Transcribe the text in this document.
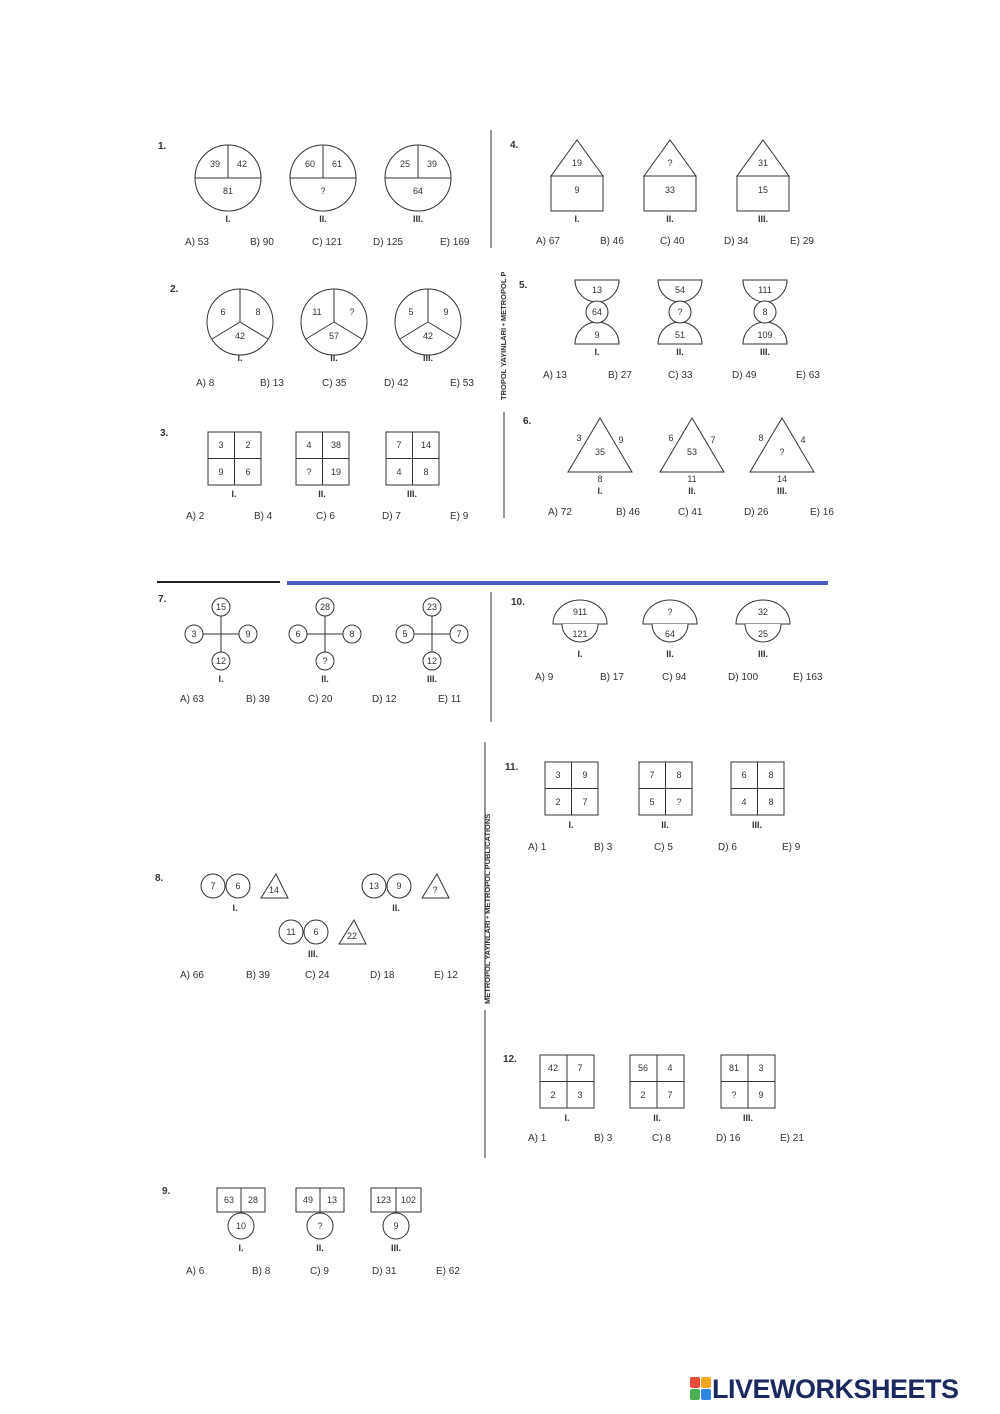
39 42
81
I.
60 61
?
II.
25 39
64
III.
6	8
42
I.
11	?
57
II.
5	9
42
III.
3 2
9 6
I.
4 38
? 19
II.
7 14
4 8
III.
19
9
I.
?
33
II.
31
15
III.
13
64
9
I.
54
?
51
II.
111
8
109
III.
3	9
35
8
I.
6	7
53
11
II.
8	4
?
14
III.
15
3	9
12
I.
28
6	8
?
II.
23
5	7
12
III.
7 6	14
I.
13 9	?
II.
11 6	22
III.
63 28
10
I.
49 13
?
II.
123 102
9
III.
911
121
I.
?
64
II.
32
25
III.
3 9
2 7
I.
7 8
5 ?
II.
6 8
4 8
III.
42 7
2 3
I.
56 4
2 7
II.
81 3
? 9
III.
1.
A) 53	B) 90	C) 121	D) 125	E) 169
2.
A) 8	B) 13	C) 35	D) 42	E) 53
3.
A) 2	B) 4	C) 6	D) 7	E) 9
4.
A) 67	B) 46	C) 40	D) 34	E) 29
5.
A) 13	B) 27	C) 33	D) 49	E) 63
6.
A) 72	B) 46	C) 41	D) 26	E) 16
7.
A) 63	B) 39	C) 20	D) 12	E) 11
8.
A) 66	B) 39	C) 24	D) 18	E) 12
9.
A) 6	B) 8	C) 9	D) 31	E) 62
10.
A) 9	B) 17	C) 94	D) 100	E) 163
11.
A) 1	B) 3	C) 5	D) 6	E) 9
12.
A) 1	B) 3	C) 8	D) 16	E) 21
TROPOL YAYINLARI • METROPOL P
METROPOL YAYINLARI • METROPOL PUBLICATIONS
LIVEWORKSHEETS
